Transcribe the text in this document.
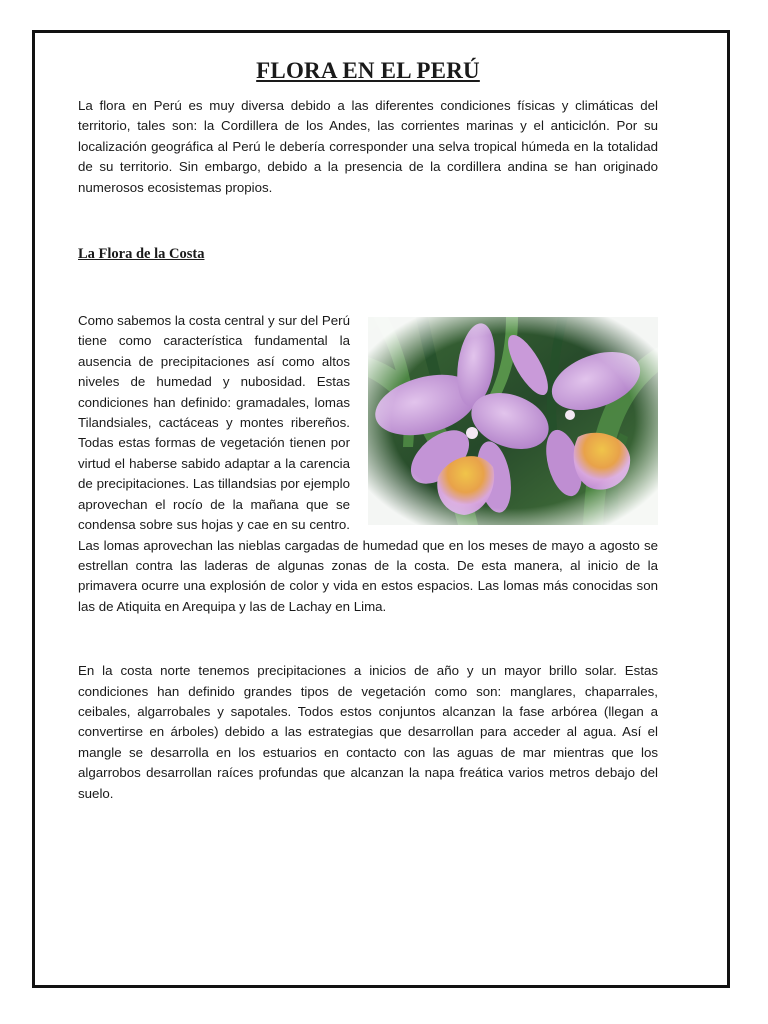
FLORA EN EL PERÚ

La flora en Perú es muy diversa debido a las diferentes condiciones físicas y climáticas del territorio, tales son: la Cordillera de los Andes, las corrientes marinas y el anticiclón. Por su localización geográfica al Perú le debería corresponder una selva tropical húmeda en la totalidad de su territorio. Sin embargo, debido a la presencia de la cordillera andina se han originado numerosos ecosistemas propios.

La Flora de la Costa

Como sabemos la costa central y sur del Perú tiene como característica fundamental la ausencia de precipitaciones así como altos niveles de humedad y nubosidad. Estas condiciones han definido: gramadales, lomas Tilandsiales, cactáceas y montes ribereños. Todas estas formas de vegetación tienen por virtud el haberse sabido adaptar a la carencia de precipitaciones. Las tillandsias por ejemplo aprovechan el rocío de la mañana que se condensa sobre sus hojas y cae en su centro. Las lomas aprovechan las nieblas cargadas de humedad que en los meses de mayo a agosto se estrellan contra las laderas de algunas zonas de la costa. De esta manera, al inicio de la primavera ocurre una explosión de color y vida en estos espacios. Las lomas más conocidas son las de Atiquita en Arequipa y las de Lachay en Lima.

En la costa norte tenemos precipitaciones a inicios de año y un mayor brillo solar. Estas condiciones han definido grandes tipos de vegetación como son: manglares, chaparrales, ceibales, algarrobales y sapotales. Todos estos conjuntos alcanzan la fase arbórea (llegan a convertirse en árboles) debido a las estrategias que desarrollan para acceder al agua. Así el mangle se desarrolla en los estuarios en contacto con las aguas de mar mientras que los algarrobos desarrollan raíces profundas que alcanzan la napa freática varios metros debajo del suelo.
